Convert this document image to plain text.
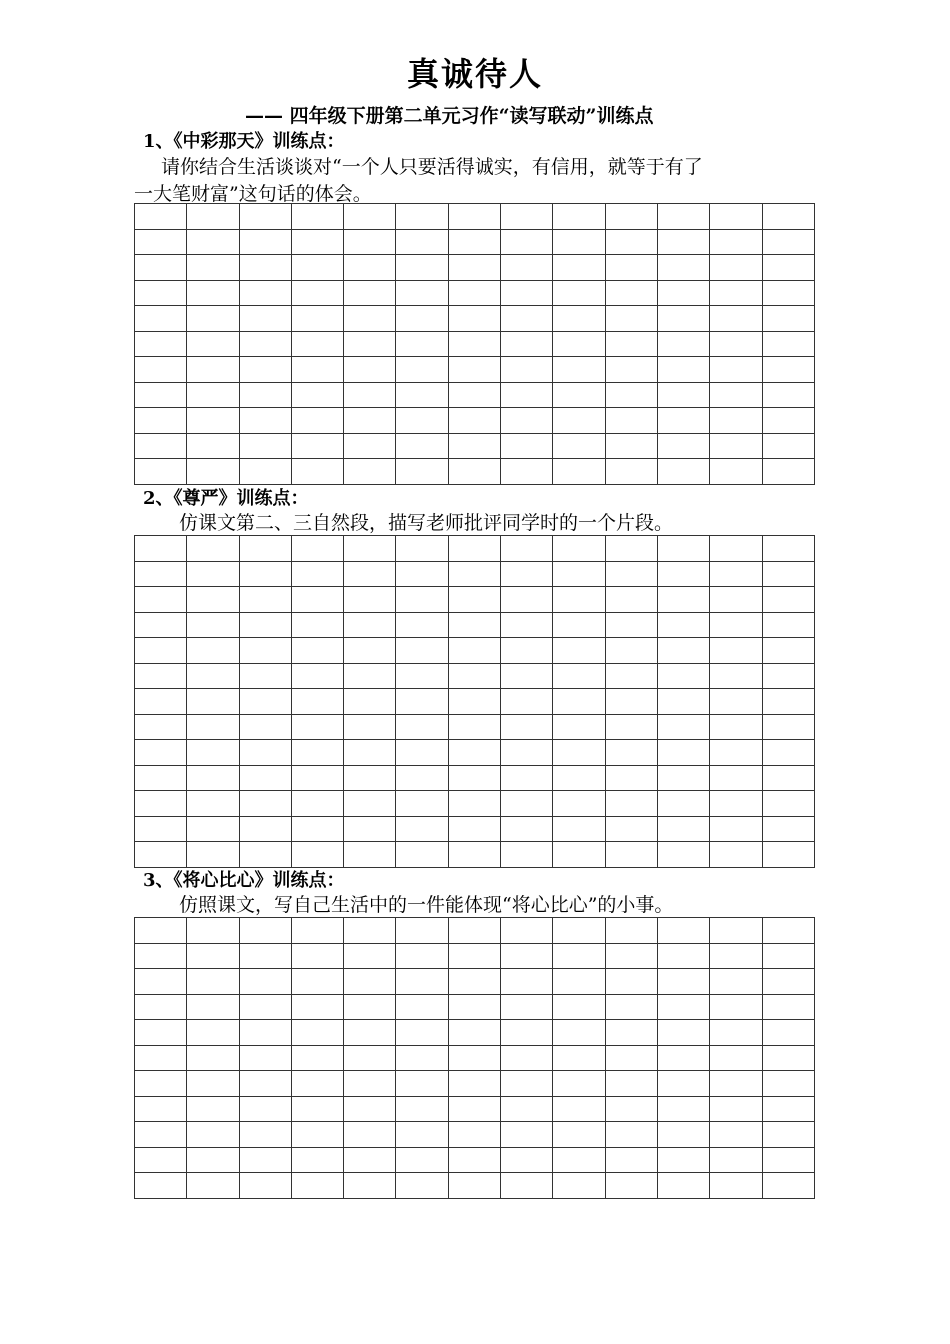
真诚待人
—— 四年级下册第二单元习作“读写联动”训练点
1、《中彩那天》训练点：
请你结合生活谈谈对“一个人只要活得诚实，有信用，就等于有了
一大笔财富”这句话的体会。

2、《尊严》训练点：
仿课文第二、三自然段，描写老师批评同学时的一个片段。

3、《将心比心》训练点：
仿照课文，写自己生活中的一件能体现“将心比心”的小事。
